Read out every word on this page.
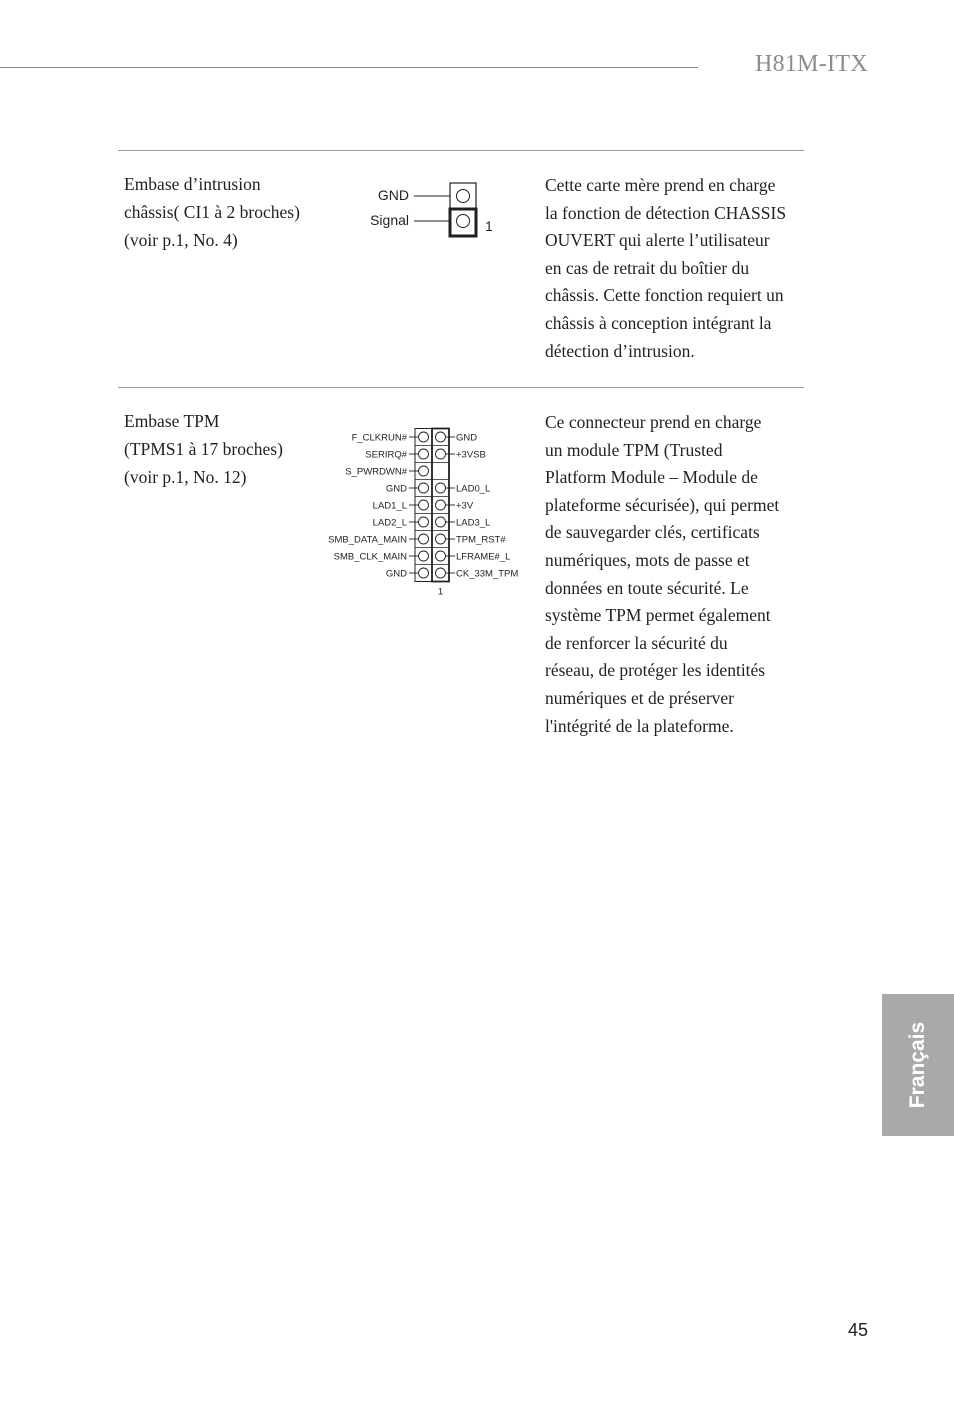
H81M-ITX
Embase d’intrusion
châssis( CI1 à 2 broches)
(voir p.1, No. 4)
GND
Signal	1
Cette carte mère prend en charge
la fonction de détection CHASSIS
OUVERT qui alerte l’utilisateur
en cas de retrait du boîtier du
châssis. Cette fonction requiert un
châssis à conception intégrant la
détection d’intrusion.
Embase TPM
(TPMS1 à 17 broches)
(voir p.1, No. 12)
F_CLKRUN#	GND
SERIRQ#	+3VSB
S_PWRDWN#
GND	LAD0_L
LAD1_L	+3V
LAD2_L	LAD3_L
SMB_DATA_MAIN	TPM_RST#
SMB_CLK_MAIN	LFRAME#_L
GND	CK_33M_TPM
1
Ce connecteur prend en charge
un module TPM (Trusted
Platform Module – Module de
plateforme sécurisée), qui permet
de sauvegarder clés, certificats
numériques, mots de passe et
données en toute sécurité. Le
système TPM permet également
de renforcer la sécurité du
réseau, de protéger les identités
numériques et de préserver
l'intégrité de la plateforme.
Français
45
